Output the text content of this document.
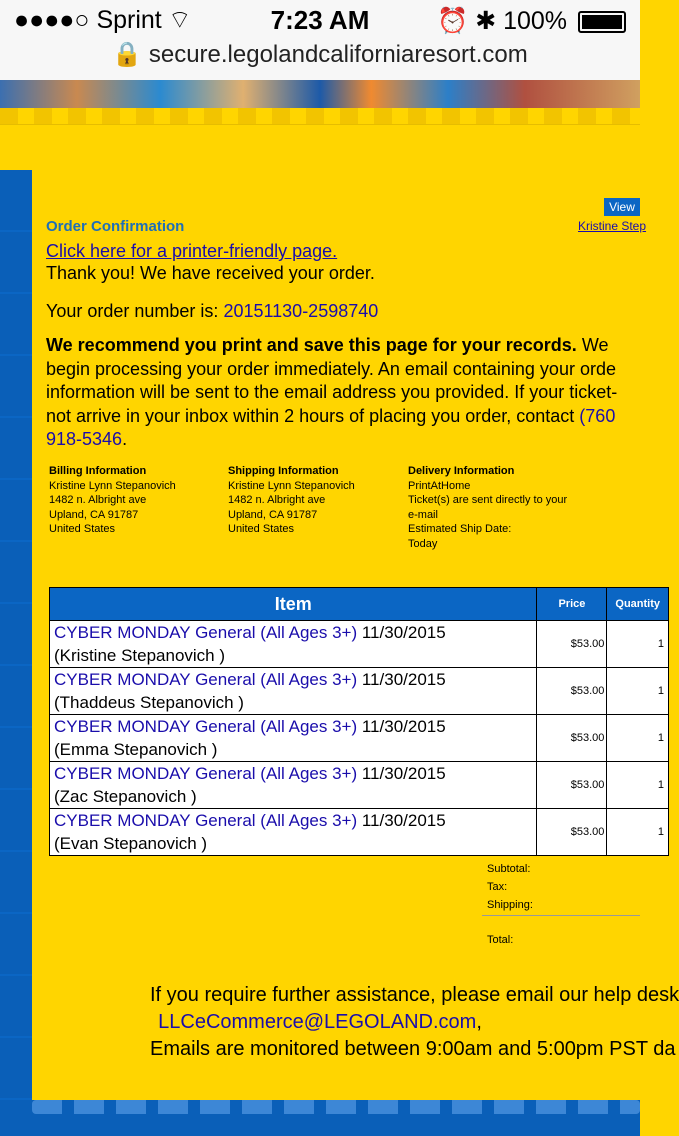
●●●●○ Sprint ⌔	7:23 AM	⏰ ✱ 100%
🔒 secure.legolandcaliforniaresort.com
View
Kristine Step
Order Confirmation
Click here for a printer-friendly page.
Thank you! We have received your order.
Your order number is: 20151130-2598740
We recommend you print and save this page for your records. We
begin processing your order immediately. An email containing your orde
information will be sent to the email address you provided. If your ticket-
not arrive in your inbox within 2 hours of placing you order, contact (760
918-5346.
Billing Information
Kristine Lynn Stepanovich
1482 n. Albright ave
Upland, CA 91787
United States
Shipping Information
Kristine Lynn Stepanovich
1482 n. Albright ave
Upland, CA 91787
United States
Delivery Information
PrintAtHome
Ticket(s) are sent directly to your
e-mail
Estimated Ship Date:
Today
Item	Price	Quantity
CYBER MONDAY General (All Ages 3+) 11/30/2015
(Kristine Stepanovich )	$53.00	1
CYBER MONDAY General (All Ages 3+) 11/30/2015
(Thaddeus Stepanovich )	$53.00	1
CYBER MONDAY General (All Ages 3+) 11/30/2015
(Emma Stepanovich )	$53.00	1
CYBER MONDAY General (All Ages 3+) 11/30/2015
(Zac Stepanovich )	$53.00	1
CYBER MONDAY General (All Ages 3+) 11/30/2015
(Evan Stepanovich )	$53.00	1
Subtotal:
Tax:
Shipping:
Total:
If you require further assistance, please email our help desk
LLCeCommerce@LEGOLAND.com,
Emails are monitored between 9:00am and 5:00pm PST da
